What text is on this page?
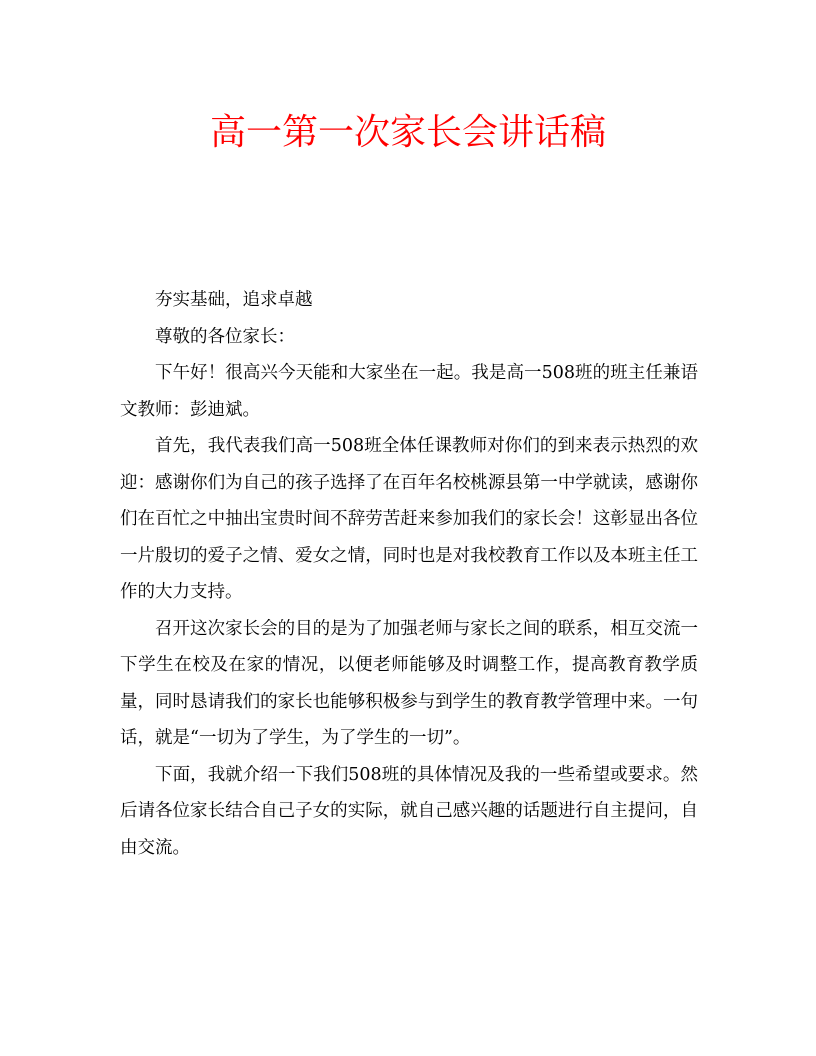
高一第一次家长会讲话稿

夯实基础，追求卓越

尊敬的各位家长：

下午好！很高兴今天能和大家坐在一起。我是高一508班的班主任兼语文教师：彭迪斌。

首先，我代表我们高一508班全体任课教师对你们的到来表示热烈的欢迎：感谢你们为自己的孩子选择了在百年名校桃源县第一中学就读，感谢你们在百忙之中抽出宝贵时间不辞劳苦赶来参加我们的家长会！这彰显出各位一片殷切的爱子之情、爱女之情，同时也是对我校教育工作以及本班主任工作的大力支持。

召开这次家长会的目的是为了加强老师与家长之间的联系，相互交流一下学生在校及在家的情况，以便老师能够及时调整工作，提高教育教学质量，同时恳请我们的家长也能够积极参与到学生的教育教学管理中来。一句话，就是“一切为了学生，为了学生的一切”。

下面，我就介绍一下我们508班的具体情况及我的一些希望或要求。然后请各位家长结合自己子女的实际，就自己感兴趣的话题进行自主提问，自由交流。
